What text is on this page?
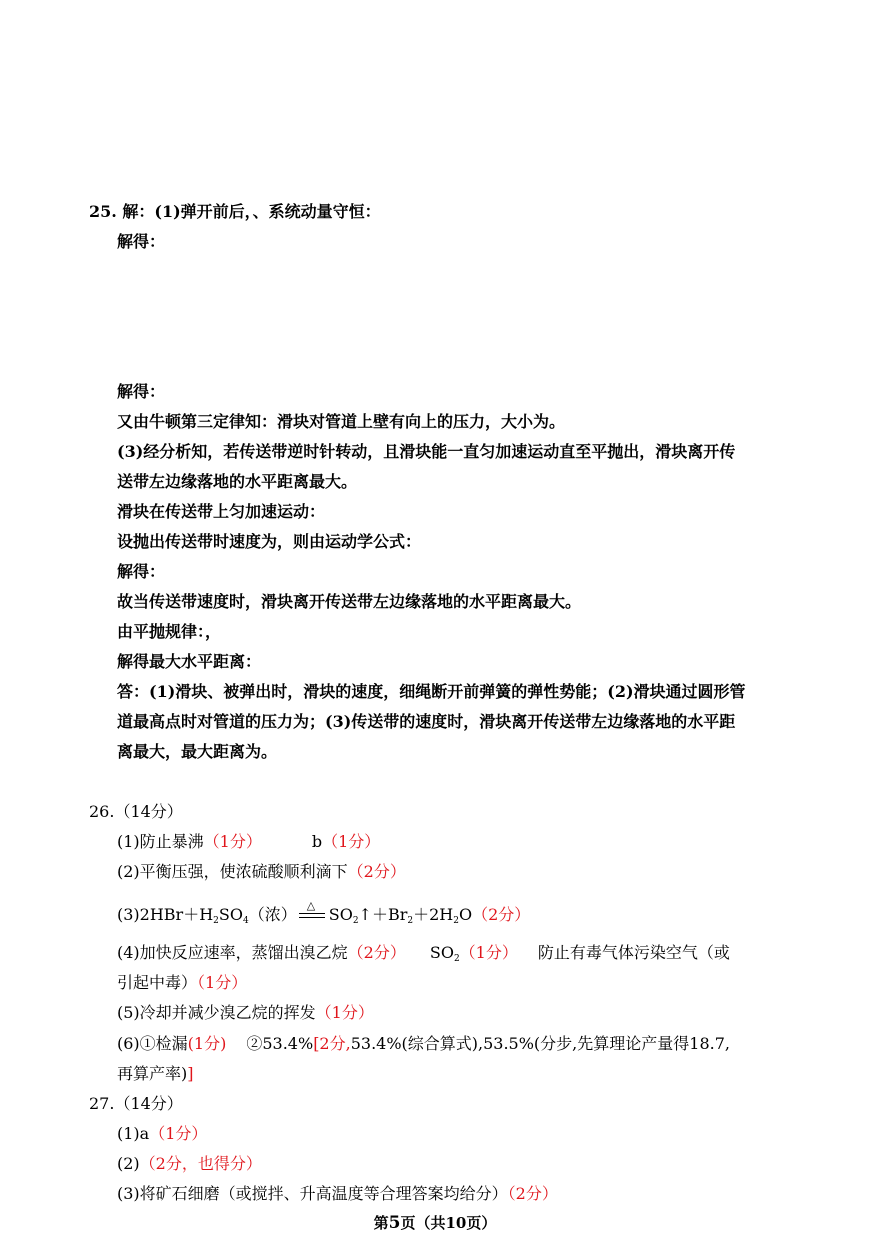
25. 解：(1)弹开前后，、系统动量守恒：
解得：
解得：
又由牛顿第三定律知：滑块对管道上壁有向上的压力，大小为。
(3)经分析知，若传送带逆时针转动，且滑块能一直匀加速运动直至平抛出，滑块离开传
送带左边缘落地的水平距离最大。
滑块在传送带上匀加速运动：
设抛出传送带时速度为，则由运动学公式：
解得：
故当传送带速度时，滑块离开传送带左边缘落地的水平距离最大。
由平抛规律：，
解得最大水平距离：
答：(1)滑块、被弹出时，滑块的速度，细绳断开前弹簧的弹性势能；(2)滑块通过圆形管
道最高点时对管道的压力为；(3)传送带的速度时，滑块离开传送带左边缘落地的水平距
离最大，最大距离为。
26.（14分）
(1)防止暴沸（1分）	b（1分）
(2)平衡压强，使浓硫酸顺利滴下（2分）
$(3)2HBr+H_2SO_4$（浓） △ $SO_2↑+Br_2+2H_2O(2$分）
(4)加快反应速率，蒸馏出溴乙烷（2分） $SO_2(1$分） 防止有毒气体污染空气（或
引起中毒）（1分）
(5)冷却并减少溴乙烷的挥发（1分）
(6)①检漏(1分) ②53.4%[2分,53.4%(综合算式),53.5%(分步,先算理论产量得18.7,
再算产率)]
27.（14分）
(1)a（1分）
(2)（2分，也得分）
(3)将矿石细磨（或搅拌、升高温度等合理答案均给分）（2分）
第5页（共10页）
